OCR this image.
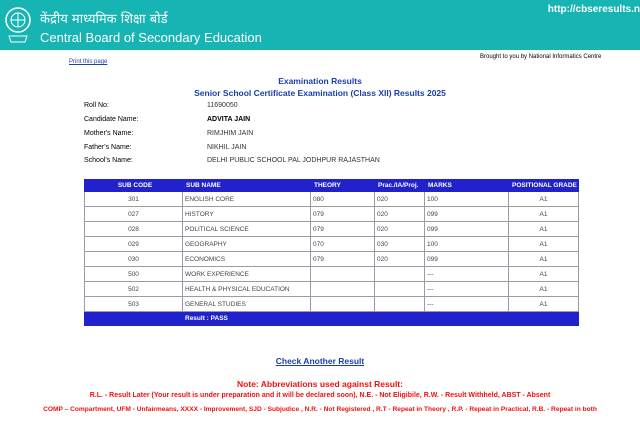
केंद्रीय माध्यमिक शिक्षा बोर्ड
Central Board of Secondary Education
http://cbseresults.n
Print this page
Brought to you by National Informatics Centre
Examination Results
Senior School Certificate Examination (Class XII) Results 2025
Roll No:	11690050
Candidate Name:	ADVITA JAIN
Mother's Name:	RIMJHIM JAIN
Father's Name:	NIKHIL JAIN
School's Name:	DELHI PUBLIC SCHOOL PAL JODHPUR RAJASTHAN
SUB CODE	SUB NAME	THEORY	Prac./IA/Proj.	MARKS	POSITIONAL GRADE
301	ENGLISH CORE	080	020	100	A1
027	HISTORY	079	020	099	A1
028	POLITICAL SCIENCE	079	020	099	A1
029	GEOGRAPHY	070	030	100	A1
030	ECONOMICS	079	020	099	A1
500	WORK EXPERIENCE			---	A1
502	HEALTH & PHYSICAL EDUCATION			---	A1
503	GENERAL STUDIES			---	A1
	Result : PASS				
Check Another Result
Note: Abbreviations used against Result:
R.L. - Result Later (Your result is under preparation and it will be declared soon), N.E. - Not Eligibile, R.W. - Result Withheld, ABST - Absent
COMP – Compartment, UFM - Unfairmeans, XXXX - Improvement, SJD - Subjudice , N.R. - Not Registered , R.T - Repeat in Theory , R.P. - Repeat in Practical, R.B. - Repeat in both
